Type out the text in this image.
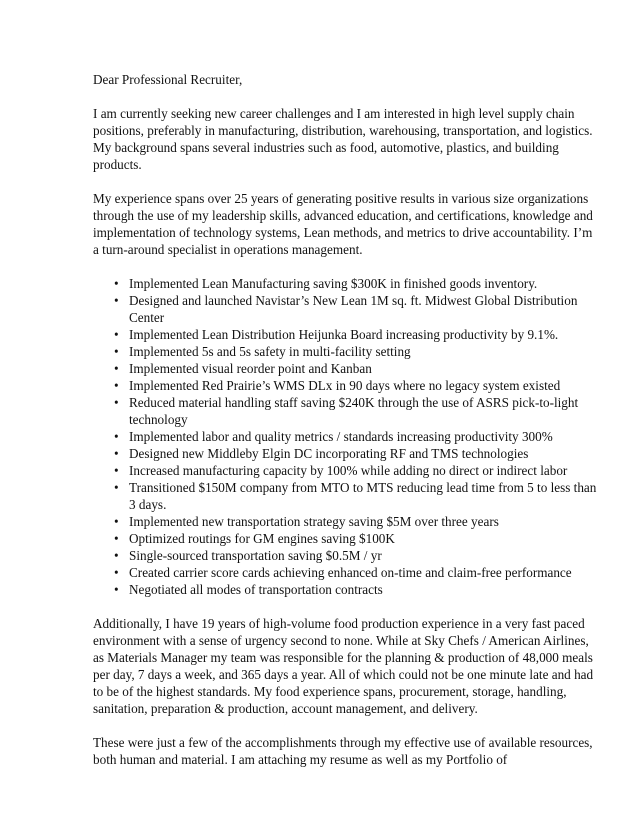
Dear Professional Recruiter,

I am currently seeking new career challenges and I am interested in high level supply chain positions, preferably in manufacturing, distribution, warehousing, transportation, and logistics. My background spans several industries such as food, automotive, plastics, and building products.

My experience spans over 25 years of generating positive results in various size organizations through the use of my leadership skills, advanced education, and certifications, knowledge and implementation of technology systems, Lean methods, and metrics to drive accountability. I’m a turn-around specialist in operations management.

• Implemented Lean Manufacturing saving $300K in finished goods inventory.
• Designed and launched Navistar’s New Lean 1M sq. ft. Midwest Global Distribution Center
• Implemented Lean Distribution Heijunka Board increasing productivity by 9.1%.
• Implemented 5s and 5s safety in multi-facility setting
• Implemented visual reorder point and Kanban
• Implemented Red Prairie’s WMS DLx in 90 days where no legacy system existed
• Reduced material handling staff saving $240K through the use of ASRS pick-to-light technology
• Implemented labor and quality metrics / standards increasing productivity 300%
• Designed new Middleby Elgin DC incorporating RF and TMS technologies
• Increased manufacturing capacity by 100% while adding no direct or indirect labor
• Transitioned $150M company from MTO to MTS reducing lead time from 5 to less than 3 days.
• Implemented new transportation strategy saving $5M over three years
• Optimized routings for GM engines saving $100K
• Single-sourced transportation saving $0.5M / yr
• Created carrier score cards achieving enhanced on-time and claim-free performance
• Negotiated all modes of transportation contracts

Additionally, I have 19 years of high-volume food production experience in a very fast paced environment with a sense of urgency second to none. While at Sky Chefs / American Airlines, as Materials Manager my team was responsible for the planning & production of 48,000 meals per day, 7 days a week, and 365 days a year. All of which could not be one minute late and had to be of the highest standards. My food experience spans, procurement, storage, handling, sanitation, preparation & production, account management, and delivery.

These were just a few of the accomplishments through my effective use of available resources, both human and material. I am attaching my resume as well as my Portfolio of
